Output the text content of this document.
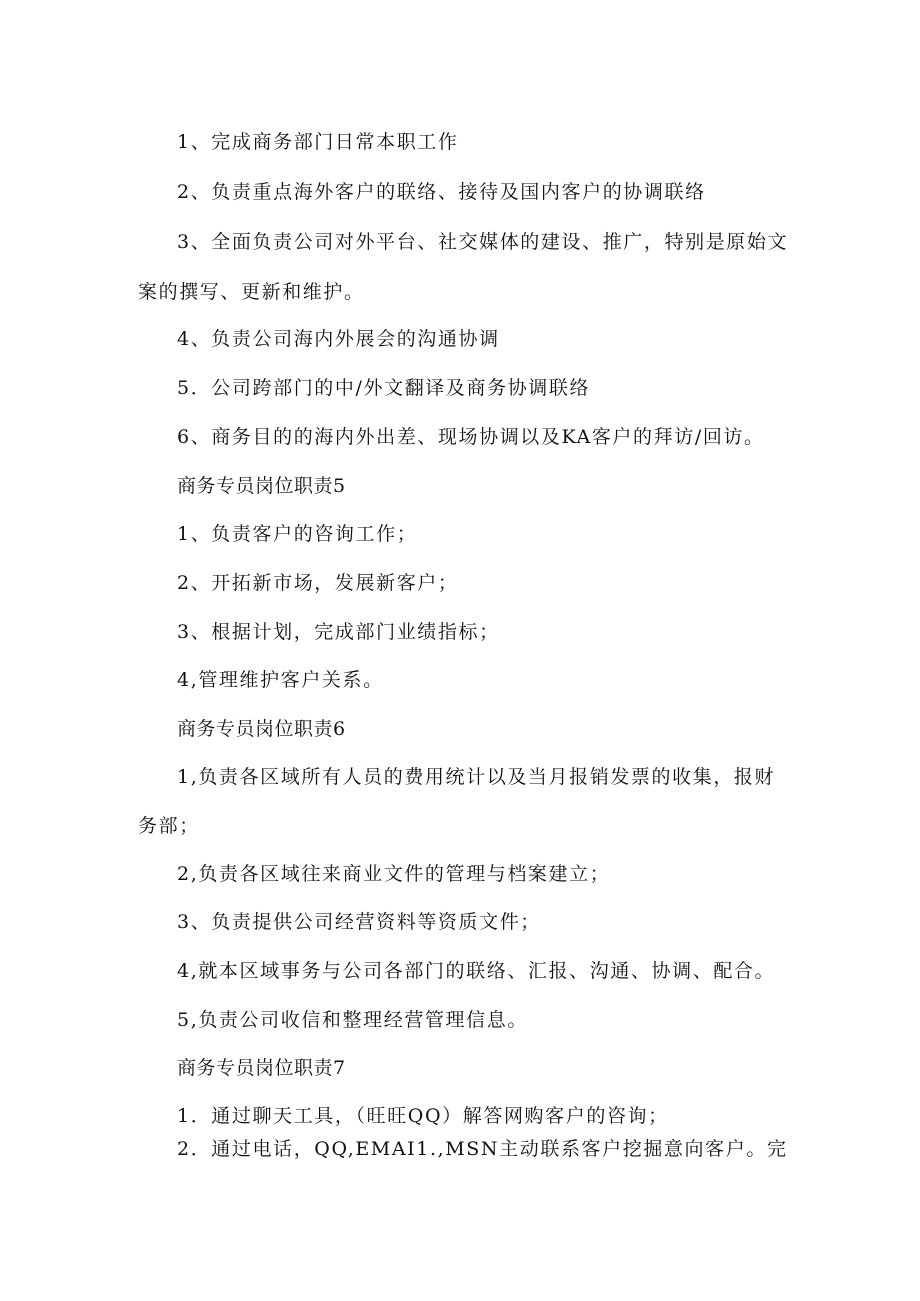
1、完成商务部门日常本职工作
2、负责重点海外客户的联络、接待及国内客户的协调联络
3、全面负责公司对外平台、社交媒体的建设、推广，特别是原始文
案的撰写、更新和维护。
4、负责公司海内外展会的沟通协调
5．公司跨部门的中/外文翻译及商务协调联络
6、商务目的的海内外出差、现场协调以及KA客户的拜访/回访。
商务专员岗位职责5
1、负责客户的咨询工作；
2、开拓新市场，发展新客户；
3、根据计划，完成部门业绩指标；
4,管理维护客户关系。
商务专员岗位职责6
1,负责各区域所有人员的费用统计以及当月报销发票的收集，报财
务部；
2,负责各区域往来商业文件的管理与档案建立；
3、负责提供公司经营资料等资质文件；
4,就本区域事务与公司各部门的联络、汇报、沟通、协调、配合。
5,负责公司收信和整理经营管理信息。
商务专员岗位职责7
1．通过聊天工具，（旺旺QQ）解答网购客户的咨询；
2．通过电话，QQ,EMAI1.,MSN主动联系客户挖掘意向客户。完
